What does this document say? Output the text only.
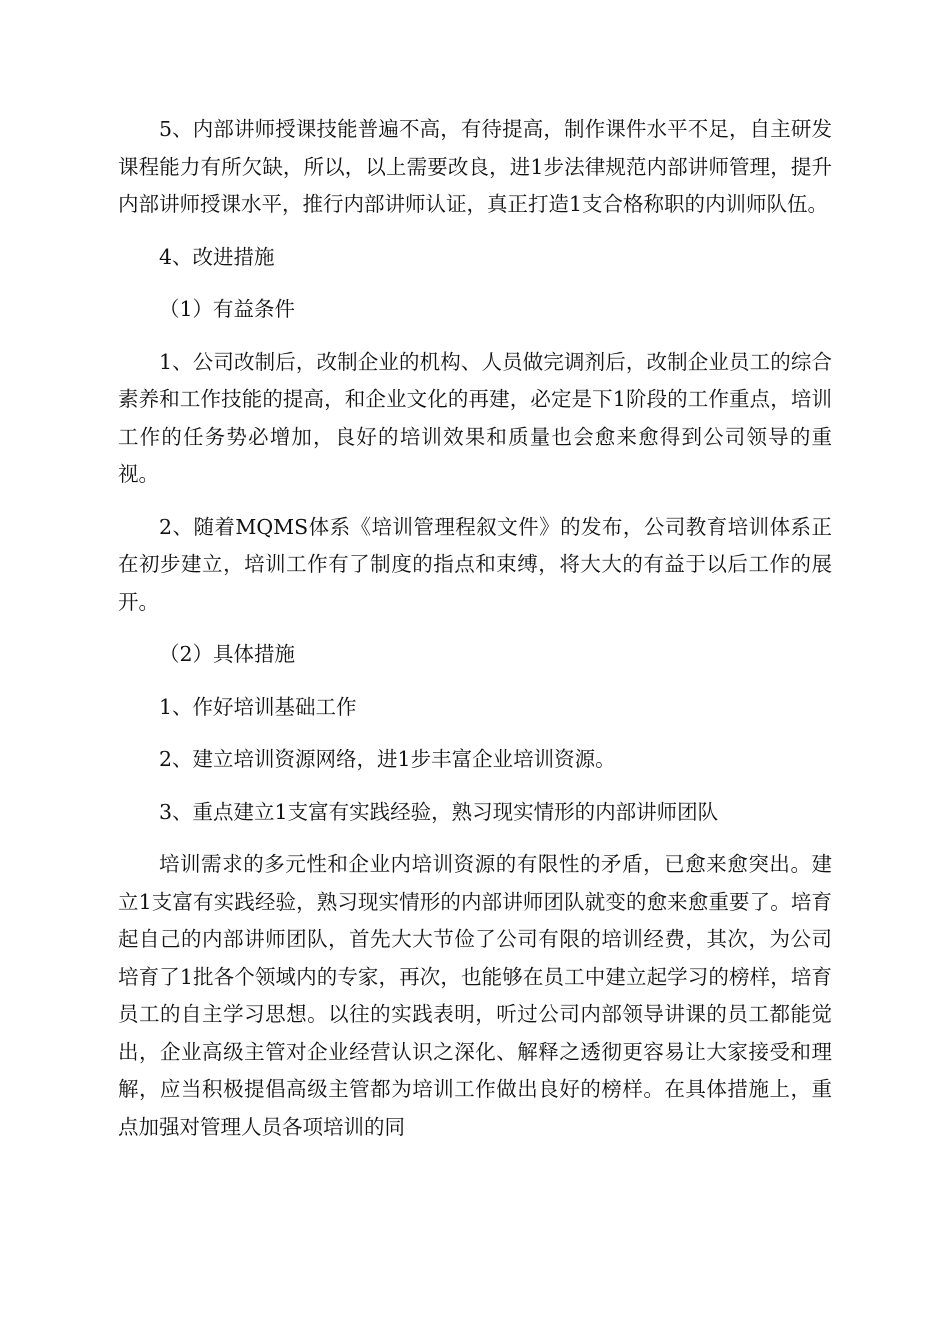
5、内部讲师授课技能普遍不高，有待提高，制作课件水平不足，自主研发课程能力有所欠缺，所以，以上需要改良，进1步法律规范内部讲师管理，提升内部讲师授课水平，推行内部讲师认证，真正打造1支合格称职的内训师队伍。

4、改进措施

（1）有益条件

1、公司改制后，改制企业的机构、人员做完调剂后，改制企业员工的综合素养和工作技能的提高，和企业文化的再建，必定是下1阶段的工作重点，培训工作的任务势必增加，良好的培训效果和质量也会愈来愈得到公司领导的重视。

2、随着MQMS体系《培训管理程叙文件》的发布，公司教育培训体系正在初步建立，培训工作有了制度的指点和束缚，将大大的有益于以后工作的展开。

（2）具体措施

1、作好培训基础工作

2、建立培训资源网络，进1步丰富企业培训资源。

3、重点建立1支富有实践经验，熟习现实情形的内部讲师团队

培训需求的多元性和企业内培训资源的有限性的矛盾，已愈来愈突出。建立1支富有实践经验，熟习现实情形的内部讲师团队就变的愈来愈重要了。培育起自己的内部讲师团队，首先大大节俭了公司有限的培训经费，其次，为公司培育了1批各个领域内的专家，再次，也能够在员工中建立起学习的榜样，培育员工的自主学习思想。以往的实践表明，听过公司内部领导讲课的员工都能觉出，企业高级主管对企业经营认识之深化、解释之透彻更容易让大家接受和理解，应当积极提倡高级主管都为培训工作做出良好的榜样。在具体措施上，重点加强对管理人员各项培训的同
